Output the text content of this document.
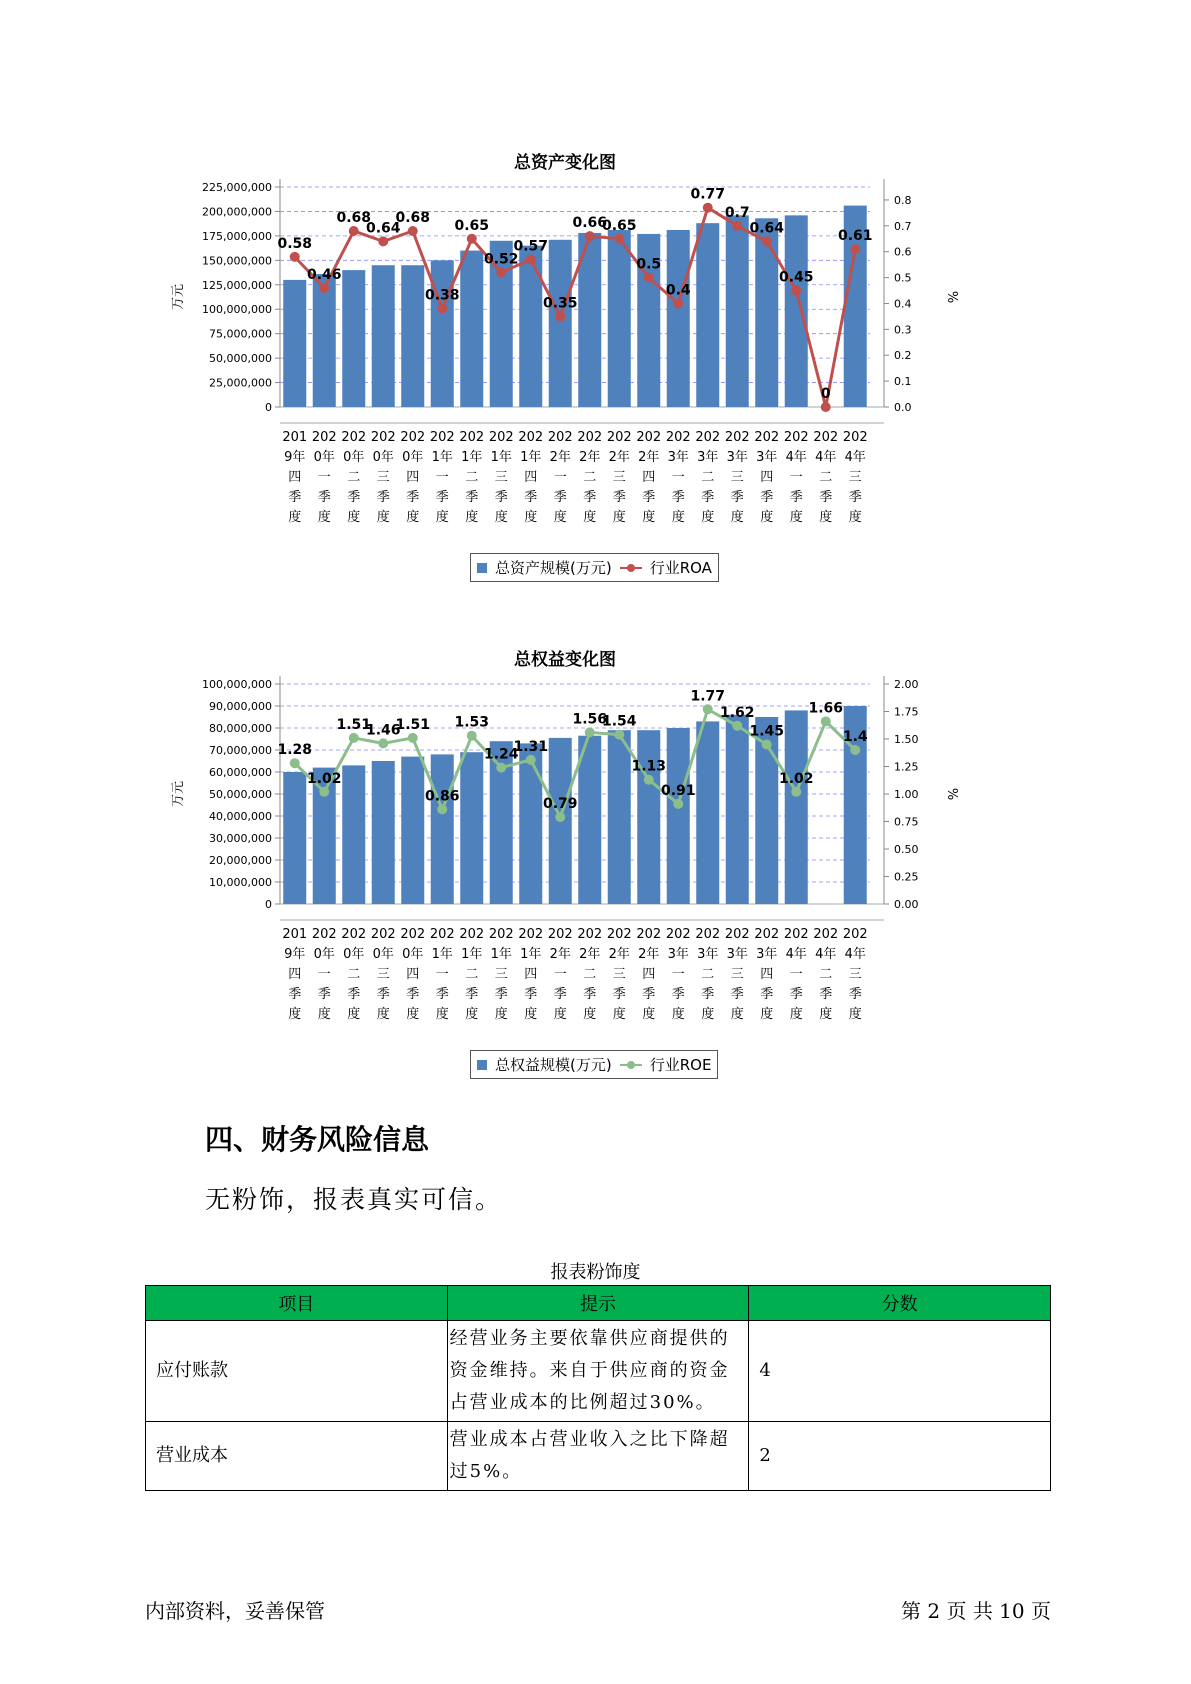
总资产变化图
0
25,000,000
50,000,000
75,000,000
100,000,000
125,000,000
150,000,000
175,000,000
200,000,000
225,000,000
0.0
0.1
0.2
0.3
0.4
0.5
0.6
0.7
0.8
万元	%
0.58
0.46
0.68
0.64
0.68
0.38
0.65
0.52
0.57
0.35
0.66
0.65
0.5
0.4
0.77
0.7
0.64
0.45
0
0.61
201
9年
四
季
度
202
0年
一
季
度
202
0年
二
季
度
202
0年
三
季
度
202
0年
四
季
度
202
1年
一
季
度
202
1年
二
季
度
202
1年
三
季
度
202
1年
四
季
度
202
2年
一
季
度
202
2年
二
季
度
202
2年
三
季
度
202
2年
四
季
度
202
3年
一
季
度
202
3年
二
季
度
202
3年
三
季
度
202
3年
四
季
度
202
4年
一
季
度
202
4年
二
季
度
202
4年
三
季
度
总资产规模(万元)	行业ROA
总权益变化图
0
10,000,000
20,000,000
30,000,000
40,000,000
50,000,000
60,000,000
70,000,000
80,000,000
90,000,000
100,000,000
0.00
0.25
0.50
0.75
1.00
1.25
1.50
1.75
2.00
万元	%
1.28
1.02
1.51
1.46
1.51
0.86
1.53
1.24
1.31
0.79
1.56
1.54
1.13
0.91
1.77
1.62
1.45
1.02
1.66
1.4
201
9年
四
季
度
202
0年
一
季
度
202
0年
二
季
度
202
0年
三
季
度
202
0年
四
季
度
202
1年
一
季
度
202
1年
二
季
度
202
1年
三
季
度
202
1年
四
季
度
202
2年
一
季
度
202
2年
二
季
度
202
2年
三
季
度
202
2年
四
季
度
202
3年
一
季
度
202
3年
二
季
度
202
3年
三
季
度
202
3年
四
季
度
202
4年
一
季
度
202
4年
二
季
度
202
4年
三
季
度
总权益规模(万元)	行业ROE
四、财务风险信息
无粉饰，报表真实可信。
报表粉饰度
项目	提示	分数
应付账款	经营业务主要依靠供应商提供的资金维持。来自于供应商的资金占营业成本的比例超过30%。	4
营业成本	营业成本占营业收入之比下降超过5%。	2
内部资料，妥善保管	第 2 页 共 10 页
